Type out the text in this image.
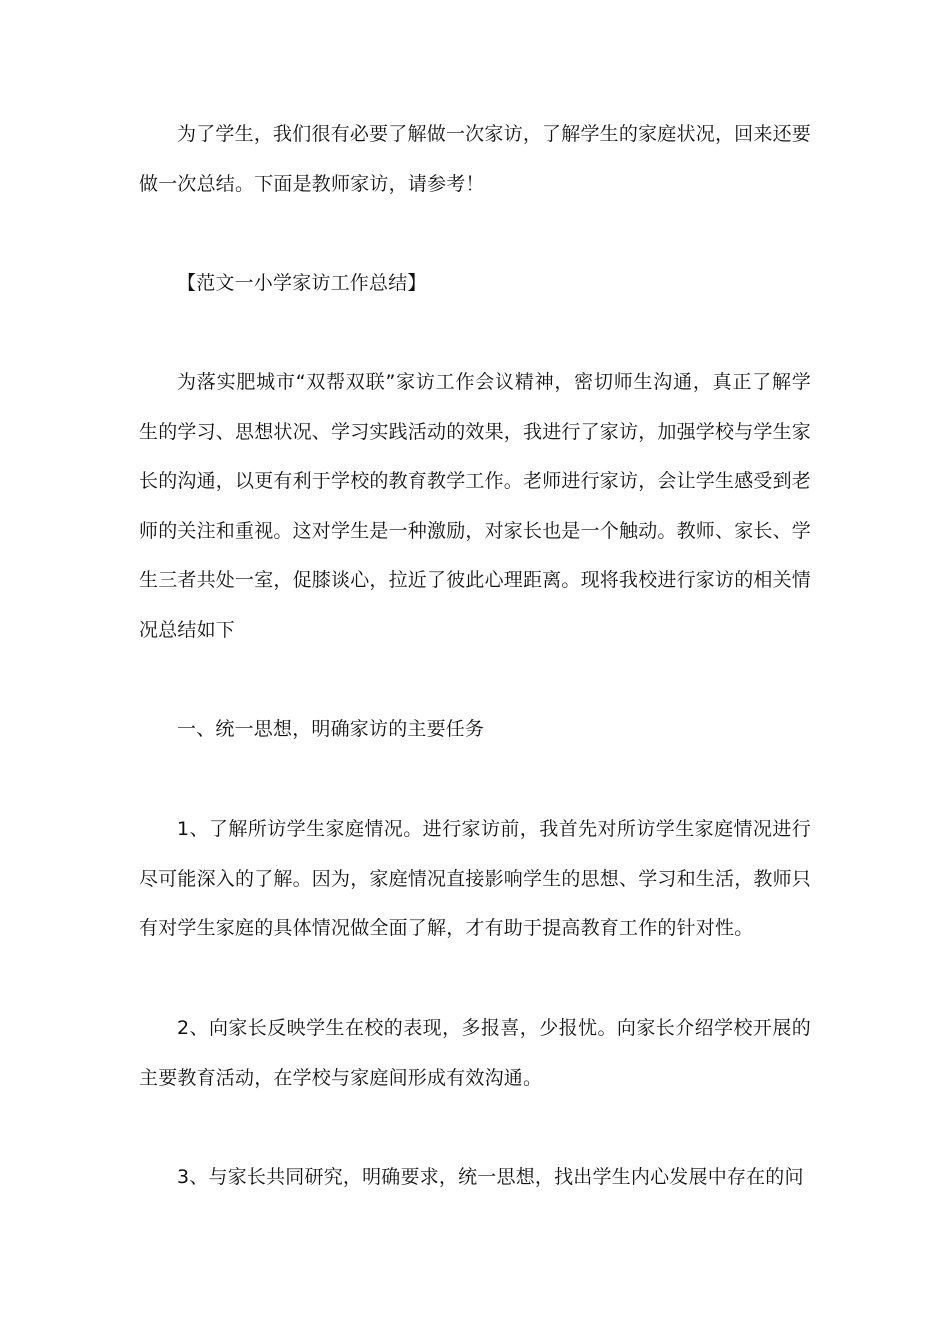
为了学生，我们很有必要了解做一次家访，了解学生的家庭状况，回来还要做一次总结。下面是教师家访，请参考！

【范文一小学家访工作总结】

为落实肥城市“双帮双联”家访工作会议精神，密切师生沟通，真正了解学生的学习、思想状况、学习实践活动的效果，我进行了家访，加强学校与学生家长的沟通，以更有利于学校的教育教学工作。老师进行家访，会让学生感受到老师的关注和重视。这对学生是一种激励，对家长也是一个触动。教师、家长、学生三者共处一室，促膝谈心，拉近了彼此心理距离。现将我校进行家访的相关情况总结如下

一、统一思想，明确家访的主要任务

1、了解所访学生家庭情况。进行家访前，我首先对所访学生家庭情况进行尽可能深入的了解。因为，家庭情况直接影响学生的思想、学习和生活，教师只有对学生家庭的具体情况做全面了解，才有助于提高教育工作的针对性。

2、向家长反映学生在校的表现，多报喜，少报忧。向家长介绍学校开展的主要教育活动，在学校与家庭间形成有效沟通。

3、与家长共同研究，明确要求，统一思想，找出学生内心发展中存在的问
